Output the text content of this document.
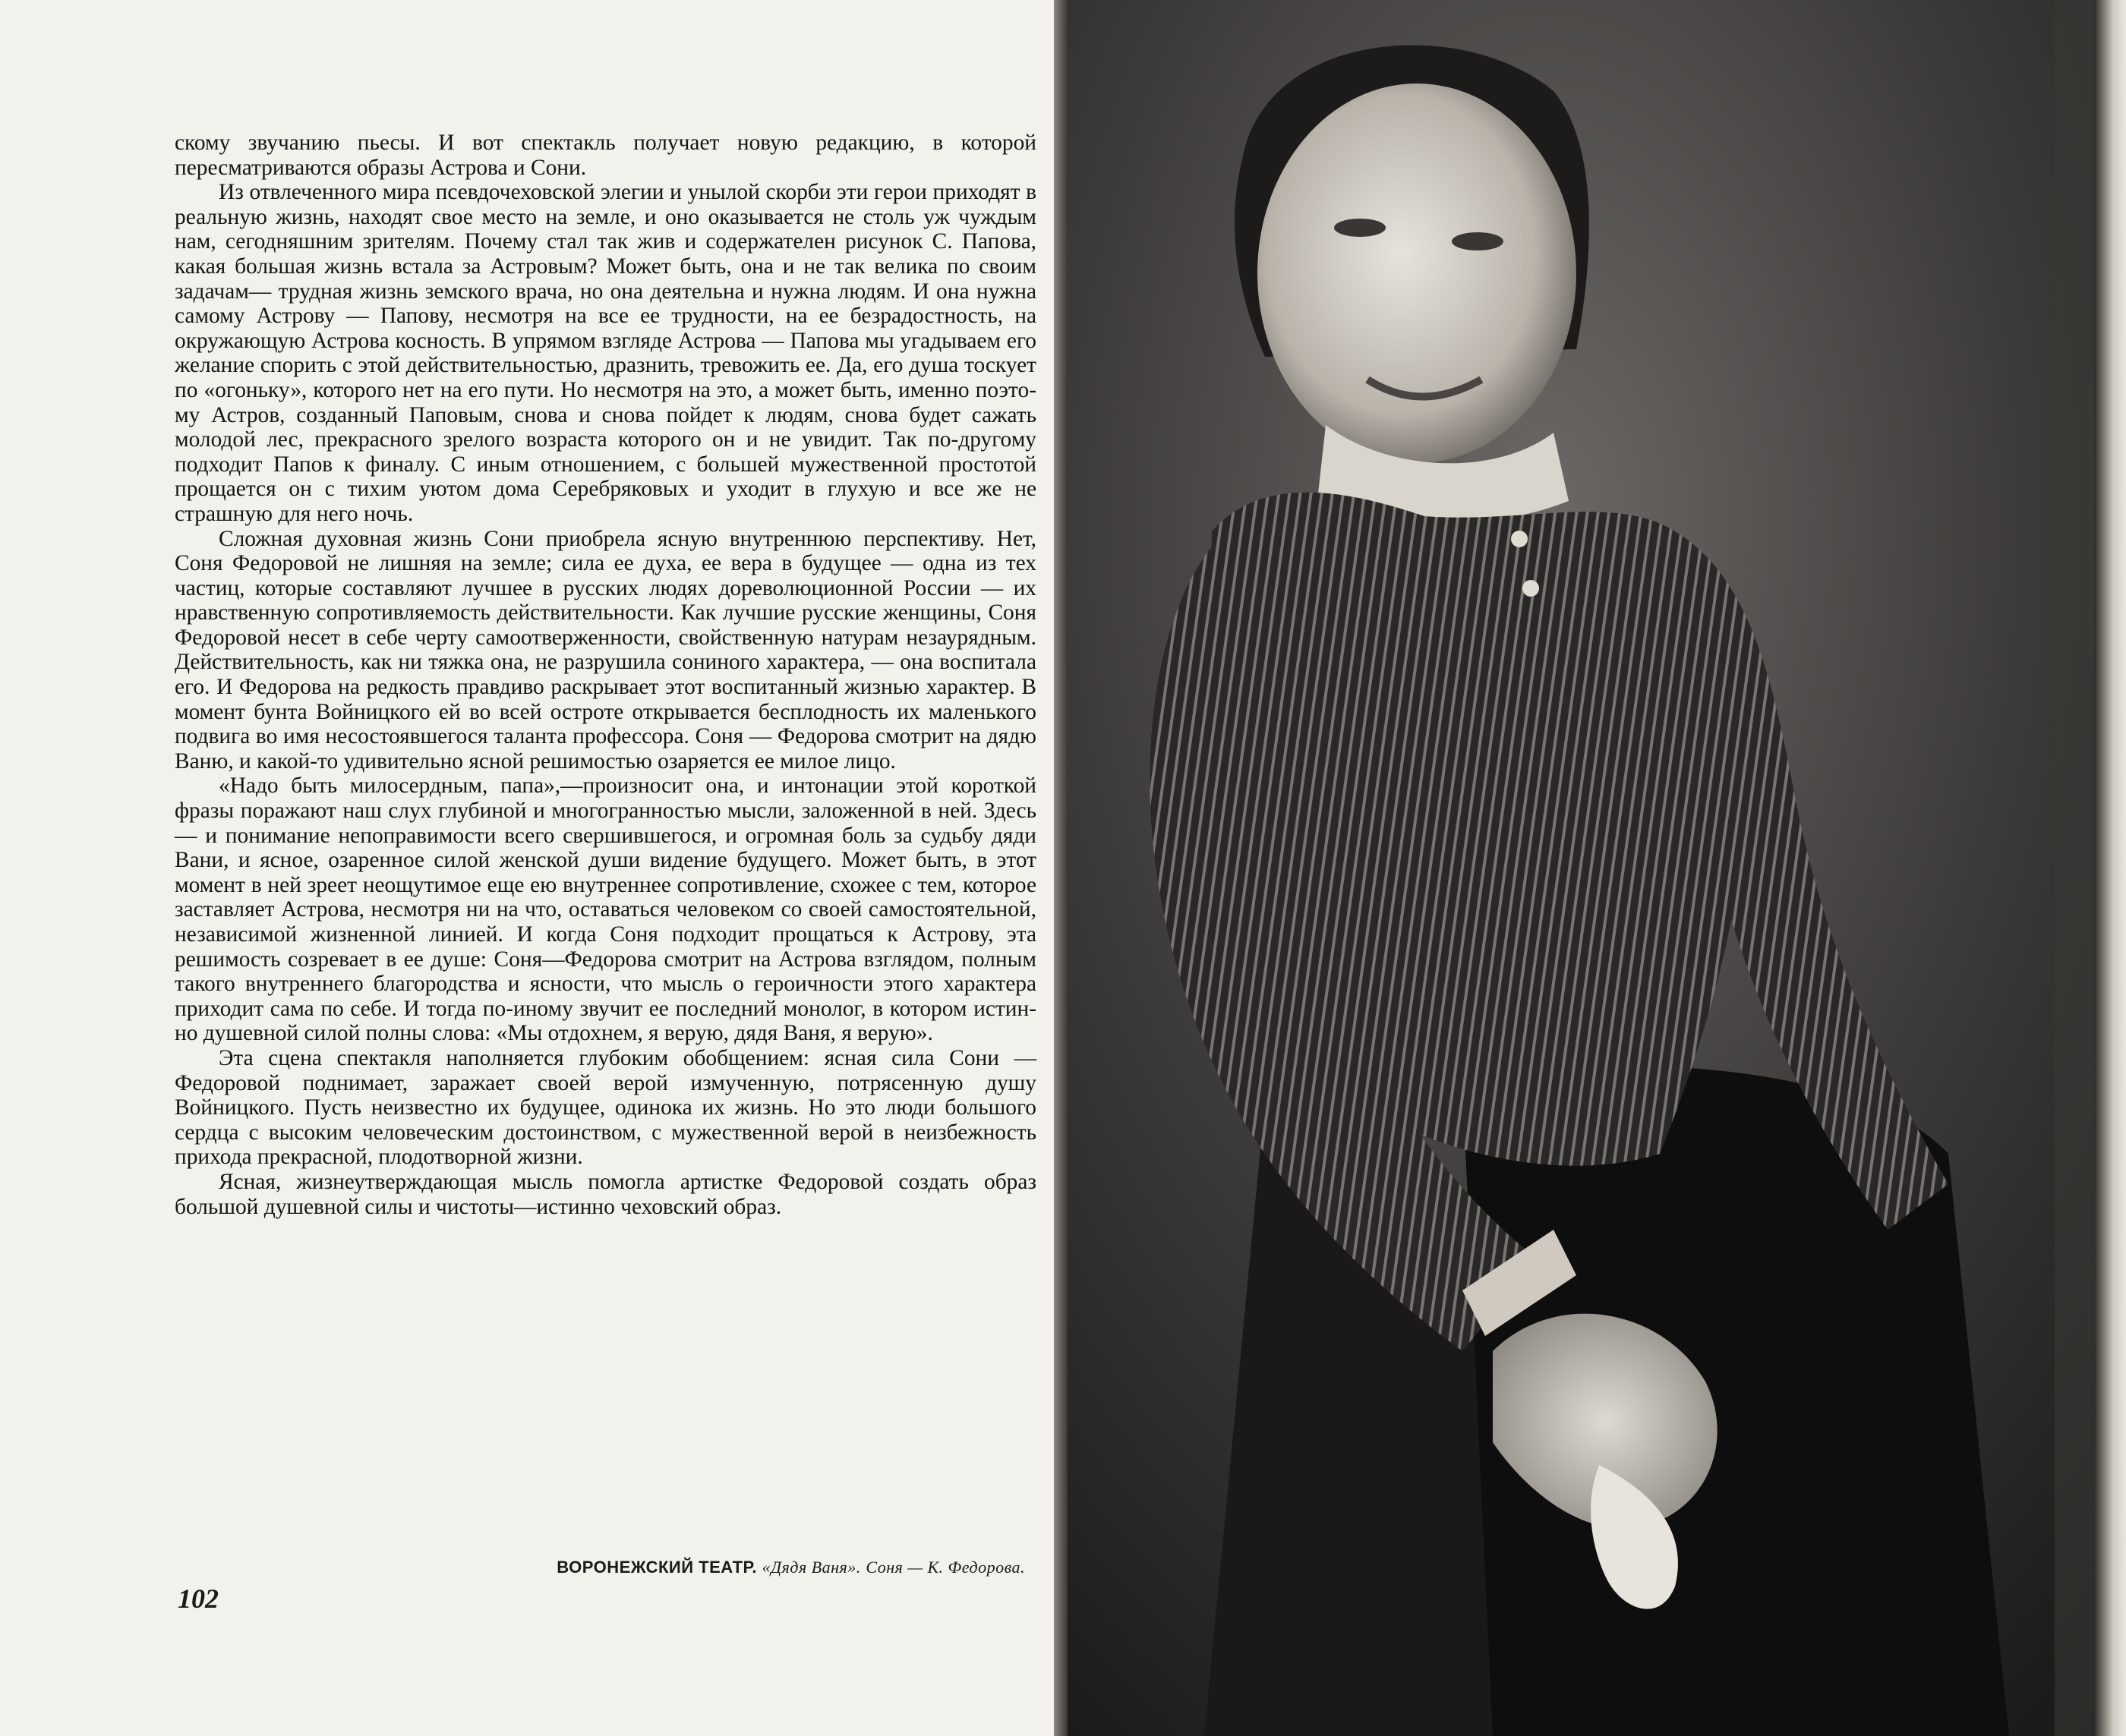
скому звучанию пьесы. И вот спектакль получает новую редакцию, в которой пересматриваются образы Астрова и Сони.

Из отвлеченного мира псевдочеховской элегии и унылой скорби эти герои приходят в реальную жизнь, находят свое место на земле, и оно оказывается не столь уж чуждым нам, сегодняшним зрителям. Почему стал так жив и содержателен рисунок С. Папова, какая большая жизнь встала за Астровым? Может быть, она и не так велика по своим задачам— трудная жизнь земского врача, но она деятельна и нужна людям. И она нужна самому Астрову — Папову, несмотря на все ее трудности, на ее безрадостность, на окружающую Астрова косность. В упрямом взгляде Астрова — Папова мы угадываем его желание спорить с этой действительностью, дразнить, тревожить ее. Да, его душа тоскует по «огоньку», которого нет на его пути. Но несмотря на это, а может быть, именно поэтому Астров, созданный Паповым, снова и снова пойдет к людям, снова будет сажать молодой лес, прекрасного зрелого возраста которого он и не увидит. Так по-другому подходит Папов к финалу. С иным отношeнием, с большей мужественной простотой прощается он с тихим уютом дома Серебряковых и уходит в глухую и все же не страшную для него ночь.

Сложная духовная жизнь Сони приобрела ясную внутреннюю перспективу. Нет, Соня Федоровой не лишняя на земле; сила ее духа, ее вера в будущее — одна из тех частиц, которые составляют лучшее в русских людях дореволюционной России — их нравственную сопротивляемость действительности. Как лучшие русские женщины, Соня Федоровой несет в себе черту самоотверженности, свойственную натурам незаурядным. Действительность, как ни тяжка она, не разрушила сониного характера, — она воспитала его. И Федорова на редкость правдиво раскрывает этот воспитанный жизнью характер. В момент бунта Войницкого ей во всей остроте открывается бесплодность их маленького подвига во имя несостоявшегося таланта профессора. Соня — Федорова смотрит на дядю Ваню, и какой-то удивительно ясной решимостью озаряется ее милое лицо.

«Надо быть милосердным, папа»,—произносит она, и интонации этой короткой фразы поражают наш слух глубиной и многогранностью мысли, заложенной в ней. Здесь — и понимание непоправимости всего свершившегося, и огромная боль за судьбу дяди Вани, и ясное, озаренное силой женской души видение будущего. Может быть, в этот момент в ней зреет неощутимое еще ею внутреннее сопротивление, схожее с тем, которое заставляет Астрова, несмотря ни на что, оставаться человеком со своей самостоятельной, независимой жизненной линией. И когда Соня подходит прощаться к Астрову, эта решимость созревает в ее душе: Соня—Федорова смотрит на Астрова взглядом, полным такого внутреннего благородства и ясности, что мысль о героичности этого характера приходит сама по себе. И тогда по-иному звучит ее последний монолог, в котором истинно душевной силой полны слова: «Мы отдохнем, я верую, дядя Ваня, я верую».

Эта сцена спектакля наполняется глубоким обобщением: ясная сила Сони — Федоровой поднимает, заражает своей верой измученную, потрясенную душу Войницкого. Пусть неизвестно их будущее, одинока их жизнь. Но это люди большого сердца с высоким человеческим достоинством, с мужественной верой в неизбежность прихода прекрасной, плодотворной жизни.

Ясная, жизнеутверждающая мысль помогла артистке Федоровой создать образ большой душевной силы и чистоты—истинно чеховский образ.

ВОРОНЕЖСКИЙ ТЕАТР. «Дядя Ваня». Соня — К. Федорова.
102
